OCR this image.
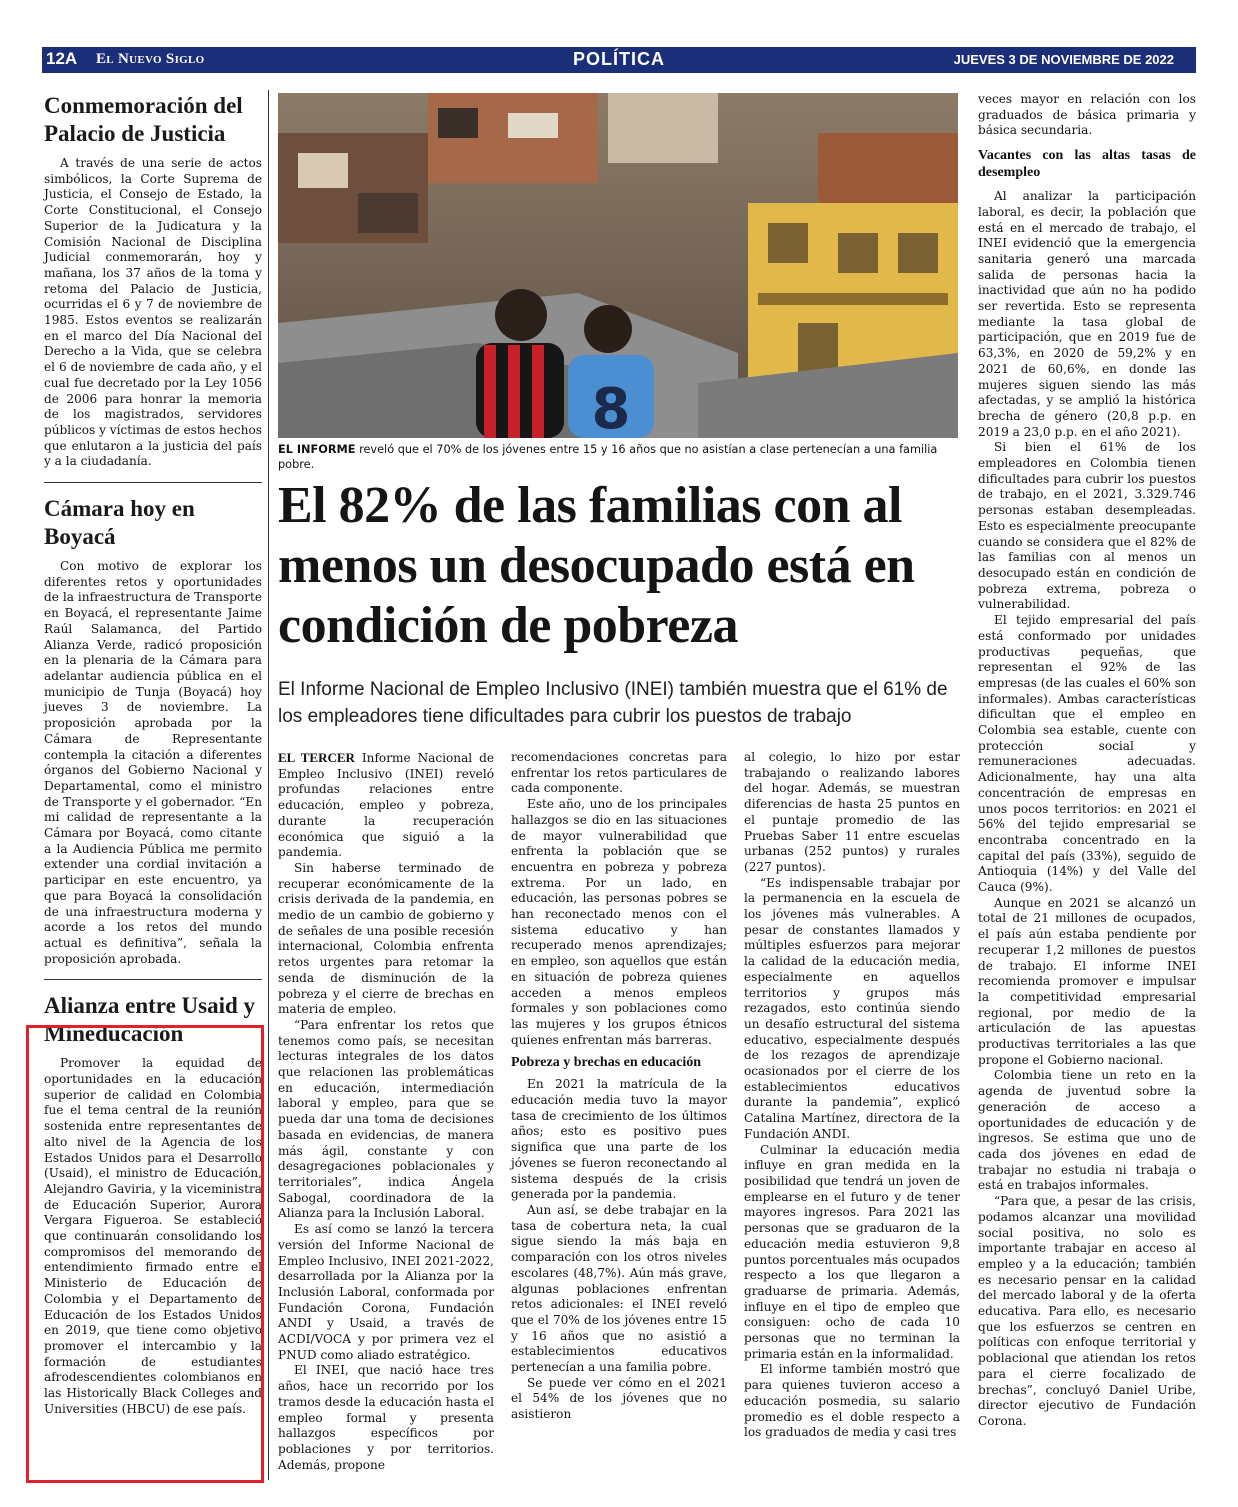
12A El Nuevo Siglo	POLÍTICA	JUEVES 3 DE NOVIEMBRE DE 2022
Conmemoración del Palacio de Justicia

A través de una serie de actos simbólicos, la Corte Suprema de Justicia, el Consejo de Estado, la Corte Constitucional, el Consejo Superior de la Judicatura y la Comisión Nacional de Disciplina Judicial conmemorarán, hoy y mañana, los 37 años de la toma y retoma del Palacio de Justicia, ocurridas el 6 y 7 de noviembre de 1985. Estos eventos se realizarán en el marco del Día Nacional del Derecho a la Vida, que se celebra el 6 de noviembre de cada año, y el cual fue decretado por la Ley 1056 de 2006 para honrar la memoria de los magistrados, servidores públicos y víctimas de estos hechos que enlutaron a la justicia del país y a la ciudadanía.

Cámara hoy en Boyacá

Con motivo de explorar los diferentes retos y oportunidades de la infraestructura de Transporte en Boyacá, el representante Jaime Raúl Salamanca, del Partido Alianza Verde, radicó proposición en la plenaria de la Cámara para adelantar audiencia pública en el municipio de Tunja (Boyacá) hoy jueves 3 de noviembre. La proposición aprobada por la Cámara de Representante contempla la citación a diferentes órganos del Gobierno Nacional y Departamental, como el ministro de Transporte y el gobernador. “En mi calidad de representante a la Cámara por Boyacá, como citante a la Audiencia Pública me permito extender una cordial invitación a participar en este encuentro, ya que para Boyacá la consolidación de una infraestructura moderna y acorde a los retos del mundo actual es definitiva”, señala la proposición aprobada.

Alianza entre Usaid y Mineducación

Promover la equidad de oportunidades en la educación superior de calidad en Colombia fue el tema central de la reunión sostenida entre representantes de alto nivel de la Agencia de los Estados Unidos para el Desarrollo (Usaid), el ministro de Educación, Alejandro Gaviria, y la viceministra de Educación Superior, Aurora Vergara Figueroa. Se estableció que continuarán consolidando los compromisos del memorando de entendimiento firmado entre el Ministerio de Educación de Colombia y el Departamento de Educación de los Estados Unidos en 2019, que tiene como objetivo promover el intercambio y la formación de estudiantes afrodescendientes colombianos en las Historically Black Colleges and Universities (HBCU) de ese país.

8
EL INFORME reveló que el 70% de los jóvenes entre 15 y 16 años que no asistían a clase pertenecían a una familia pobre.
El 82% de las familias con al menos un desocupado está en condición de pobreza

El Informe Nacional de Empleo Inclusivo (INEI) también muestra que el 61% de los empleadores tiene dificultades para cubrir los puestos de trabajo

EL TERCER Informe Nacional de Empleo Inclusivo (INEI) reveló profundas relaciones entre educación, empleo y pobreza, durante la recuperación económica que siguió a la pandemia.

Sin haberse terminado de recuperar económicamente de la crisis derivada de la pandemia, en medio de un cambio de gobierno y de señales de una posible recesión internacional, Colombia enfrenta retos urgentes para retomar la senda de disminución de la pobreza y el cierre de brechas en materia de empleo.

“Para enfrentar los retos que tenemos como país, se necesitan lecturas integrales de los datos que relacionen las problemáticas en educación, intermediación laboral y empleo, para que se pueda dar una toma de decisiones basada en evidencias, de manera más ágil, constante y con desagregaciones poblacionales y territoriales”, indica Ángela Sabogal, coordinadora de la Alianza para la Inclusión Laboral.

Es así como se lanzó la tercera versión del Informe Nacional de Empleo Inclusivo, INEI 2021-2022, desarrollada por la Alianza por la Inclusión Laboral, conformada por Fundación Corona, Fundación ANDI y Usaid, a través de ACDI/VOCA y por primera vez el PNUD como aliado estratégico.

El INEI, que nació hace tres años, hace un recorrido por los tramos desde la educación hasta el empleo formal y presenta hallazgos específicos por poblaciones y por territorios. Además, propone

recomendaciones concretas para enfrentar los retos particulares de cada componente.

Este año, uno de los principales hallazgos se dio en las situaciones de mayor vulnerabilidad que enfrenta la población que se encuentra en pobreza y pobreza extrema. Por un lado, en educación, las personas pobres se han reconectado menos con el sistema educativo y han recuperado menos aprendizajes; en empleo, son aquellos que están en situación de pobreza quienes acceden a menos empleos formales y son poblaciones como las mujeres y los grupos étnicos quienes enfrentan más barreras.

Pobreza y brechas en educación

En 2021 la matrícula de la educación media tuvo la mayor tasa de crecimiento de los últimos años; esto es positivo pues significa que una parte de los jóvenes se fueron reconectando al sistema después de la crisis generada por la pandemia.

Aun así, se debe trabajar en la tasa de cobertura neta, la cual sigue siendo la más baja en comparación con los otros niveles escolares (48,7%). Aún más grave, algunas poblaciones enfrentan retos adicionales: el INEI reveló que el 70% de los jóvenes entre 15 y 16 años que no asistió a establecimientos educativos pertenecían a una familia pobre.

Se puede ver cómo en el 2021 el 54% de los jóvenes que no asistieron

al colegio, lo hizo por estar trabajando o realizando labores del hogar. Además, se muestran diferencias de hasta 25 puntos en el puntaje promedio de las Pruebas Saber 11 entre escuelas urbanas (252 puntos) y rurales (227 puntos).

“Es indispensable trabajar por la permanencia en la escuela de los jóvenes más vulnerables. A pesar de constantes llamados y múltiples esfuerzos para mejorar la calidad de la educación media, especialmente en aquellos territorios y grupos más rezagados, esto continúa siendo un desafío estructural del sistema educativo, especialmente después de los rezagos de aprendizaje ocasionados por el cierre de los establecimientos educativos durante la pandemia”, explicó Catalina Martínez, directora de la Fundación ANDI.

Culminar la educación media influye en gran medida en la posibilidad que tendrá un joven de emplearse en el futuro y de tener mayores ingresos. Para 2021 las personas que se graduaron de la educación media estuvieron 9,8 puntos porcentuales más ocupados respecto a los que llegaron a graduarse de primaria. Además, influye en el tipo de empleo que consiguen: ocho de cada 10 personas que no terminan la primaria están en la informalidad.

El informe también mostró que para quienes tuvieron acceso a educación posmedia, su salario promedio es el doble respecto a los graduados de media y casi tres

veces mayor en relación con los graduados de básica primaria y básica secundaria.

Vacantes con las altas tasas de desempleo

Al analizar la participación laboral, es decir, la población que está en el mercado de trabajo, el INEI evidenció que la emergencia sanitaria generó una marcada salida de personas hacia la inactividad que aún no ha podido ser revertida. Esto se representa mediante la tasa global de participación, que en 2019 fue de 63,3%, en 2020 de 59,2% y en 2021 de 60,6%, en donde las mujeres siguen siendo las más afectadas, y se amplió la histórica brecha de género (20,8 p.p. en 2019 a 23,0 p.p. en el año 2021).

Si bien el 61% de los empleadores en Colombia tienen dificultades para cubrir los puestos de trabajo, en el 2021, 3.329.746 personas estaban desempleadas. Esto es especialmente preocupante cuando se considera que el 82% de las familias con al menos un desocupado están en condición de pobreza extrema, pobreza o vulnerabilidad.

El tejido empresarial del país está conformado por unidades productivas pequeñas, que representan el 92% de las empresas (de las cuales el 60% son informales). Ambas características dificultan que el empleo en Colombia sea estable, cuente con protección social y remuneraciones adecuadas. Adicionalmente, hay una alta concentración de empresas en unos pocos territorios: en 2021 el 56% del tejido empresarial se encontraba concentrado en la capital del país (33%), seguido de Antioquia (14%) y del Valle del Cauca (9%).

Aunque en 2021 se alcanzó un total de 21 millones de ocupados, el país aún estaba pendiente por recuperar 1,2 millones de puestos de trabajo. El informe INEI recomienda promover e impulsar la competitividad empresarial regional, por medio de la articulación de las apuestas productivas territoriales a las que propone el Gobierno nacional.

Colombia tiene un reto en la agenda de juventud sobre la generación de acceso a oportunidades de educación y de ingresos. Se estima que uno de cada dos jóvenes en edad de trabajar no estudia ni trabaja o está en trabajos informales.

“Para que, a pesar de las crisis, podamos alcanzar una movilidad social positiva, no solo es importante trabajar en acceso al empleo y a la educación; también es necesario pensar en la calidad del mercado laboral y de la oferta educativa. Para ello, es necesario que los esfuerzos se centren en políticas con enfoque territorial y poblacional que atiendan los retos para el cierre focalizado de brechas”, concluyó Daniel Uribe, director ejecutivo de Fundación Corona.
